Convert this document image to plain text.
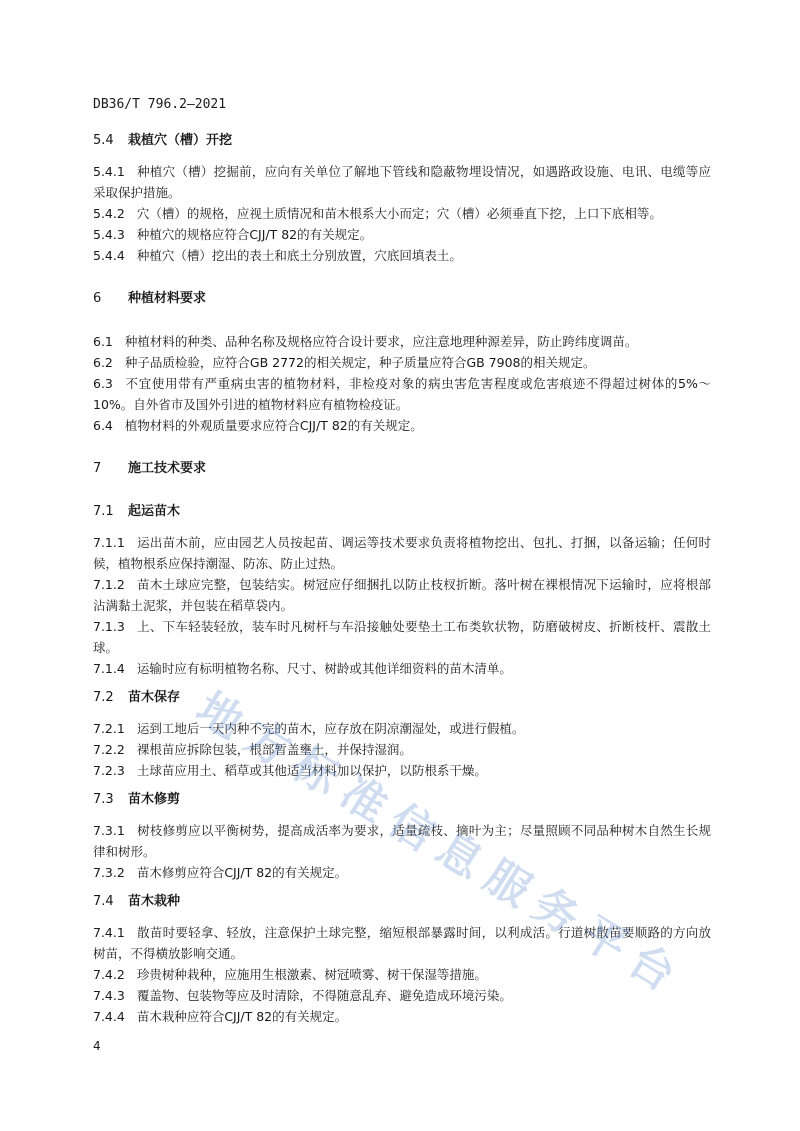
DB36/T 796.2—2021
5.4 栽植穴（槽）开挖
5.4.1 种植穴（槽）挖掘前，应向有关单位了解地下管线和隐蔽物埋设情况，如遇路政设施、电讯、电缆等应采取保护措施。
5.4.2 穴（槽）的规格，应视土质情况和苗木根系大小而定；穴（槽）必须垂直下挖，上口下底相等。
5.4.3 种植穴的规格应符合CJJ/T 82的有关规定。
5.4.4 种植穴（槽）挖出的表土和底土分别放置，穴底回填表土。
6 种植材料要求
6.1 种植材料的种类、品种名称及规格应符合设计要求，应注意地理种源差异，防止跨纬度调苗。
6.2 种子品质检验，应符合GB 2772的相关规定，种子质量应符合GB 7908的相关规定。
6.3 不宜使用带有严重病虫害的植物材料，非检疫对象的病虫害危害程度或危害痕迹不得超过树体的5%～10%。自外省市及国外引进的植物材料应有植物检疫证。
6.4 植物材料的外观质量要求应符合CJJ/T 82的有关规定。
7 施工技术要求
7.1 起运苗木
7.1.1 运出苗木前，应由园艺人员按起苗、调运等技术要求负责将植物挖出、包扎、打捆，以备运输；任何时候，植物根系应保持潮湿、防冻、防止过热。
7.1.2 苗木土球应完整，包装结实。树冠应仔细捆扎以防止枝杈折断。落叶树在裸根情况下运输时，应将根部沾满黏土泥浆，并包装在稻草袋内。
7.1.3 上、下车轻装轻放，装车时凡树杆与车沿接触处要垫土工布类软状物，防磨破树皮、折断枝杆、震散土球。
7.1.4 运输时应有标明植物名称、尺寸、树龄或其他详细资料的苗木清单。
7.2 苗木保存
7.2.1 运到工地后一天内种不完的苗木，应存放在阴凉潮湿处，或进行假植。
7.2.2 裸根苗应拆除包装，根部暂盖壅土，并保持湿润。
7.2.3 土球苗应用土、稻草或其他适当材料加以保护，以防根系干燥。
7.3 苗木修剪
7.3.1 树枝修剪应以平衡树势，提高成活率为要求，适量疏枝、摘叶为主；尽量照顾不同品种树木自然生长规律和树形。
7.3.2 苗木修剪应符合CJJ/T 82的有关规定。
7.4 苗木栽种
7.4.1 散苗时要轻拿、轻放，注意保护土球完整，缩短根部暴露时间，以利成活。行道树散苗要顺路的方向放树苗，不得横放影响交通。
7.4.2 珍贵树种栽种，应施用生根激素、树冠喷雾、树干保湿等措施。
7.4.3 覆盖物、包装物等应及时清除，不得随意乱弃、避免造成环境污染。
7.4.4 苗木栽种应符合CJJ/T 82的有关规定。
地
方
标
准
信
息
服
务
平
台
4
